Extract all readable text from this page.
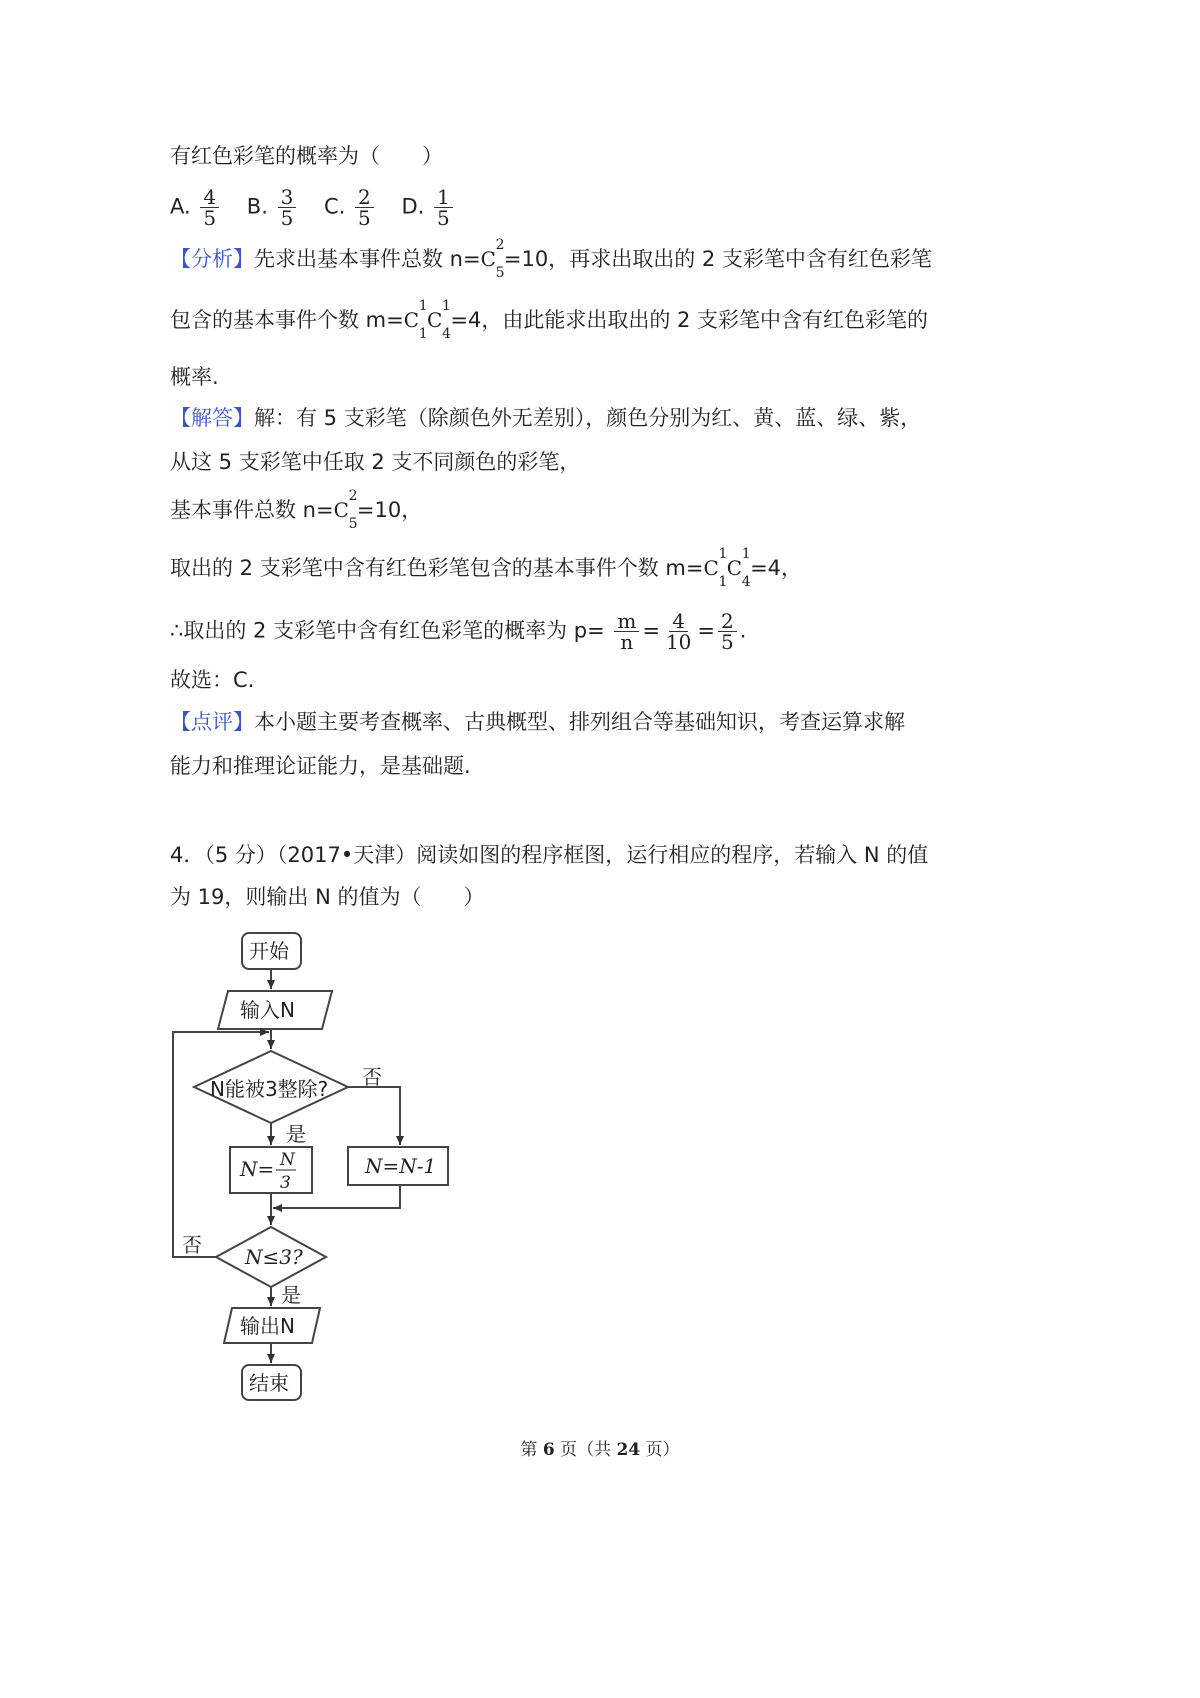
有红色彩笔的概率为（　　）
A. $\frac{4}{5} B$. $\frac{3}{5} C$. $\frac{2}{5} D$. $\frac{1}{5}$
【分析】先求出基本事件总数 n=C
2
5
=10，再求出取出的 2 支彩笔中含有红色彩笔
包含的基本事件个数 m=C
1
1
C
1
4
=4，由此能求出取出的 2 支彩笔中含有红色彩笔的
概率.
【解答】解：有 5 支彩笔（除颜色外无差别），颜色分别为红、黄、蓝、绿、紫，
从这 5 支彩笔中任取 2 支不同颜色的彩笔，
基本事件总数 n=C
2
5
=10，
取出的 2 支彩笔中含有红色彩笔包含的基本事件个数 m=C
1
1
C
1
4
=4，
∴取出的 2 支彩笔中含有红色彩笔的概率为 $p= \frac{m}{n} = \frac{4}{10} = \frac{2}{5}$ .
故选：C.
【点评】本小题主要考查概率、古典概型、排列组合等基础知识，考查运算求解
能力和推理论证能力，是基础题.
4．（5 分）（2017•天津）阅读如图的程序框图，运行相应的程序，若输入 N 的值
为 19，则输出 N 的值为（　　）
开始
输入N
N能被3整除? 否
是
N= N
3
N=N-1
N≤3?
否
是
输出N
结束
第 6 页（共 24 页）
